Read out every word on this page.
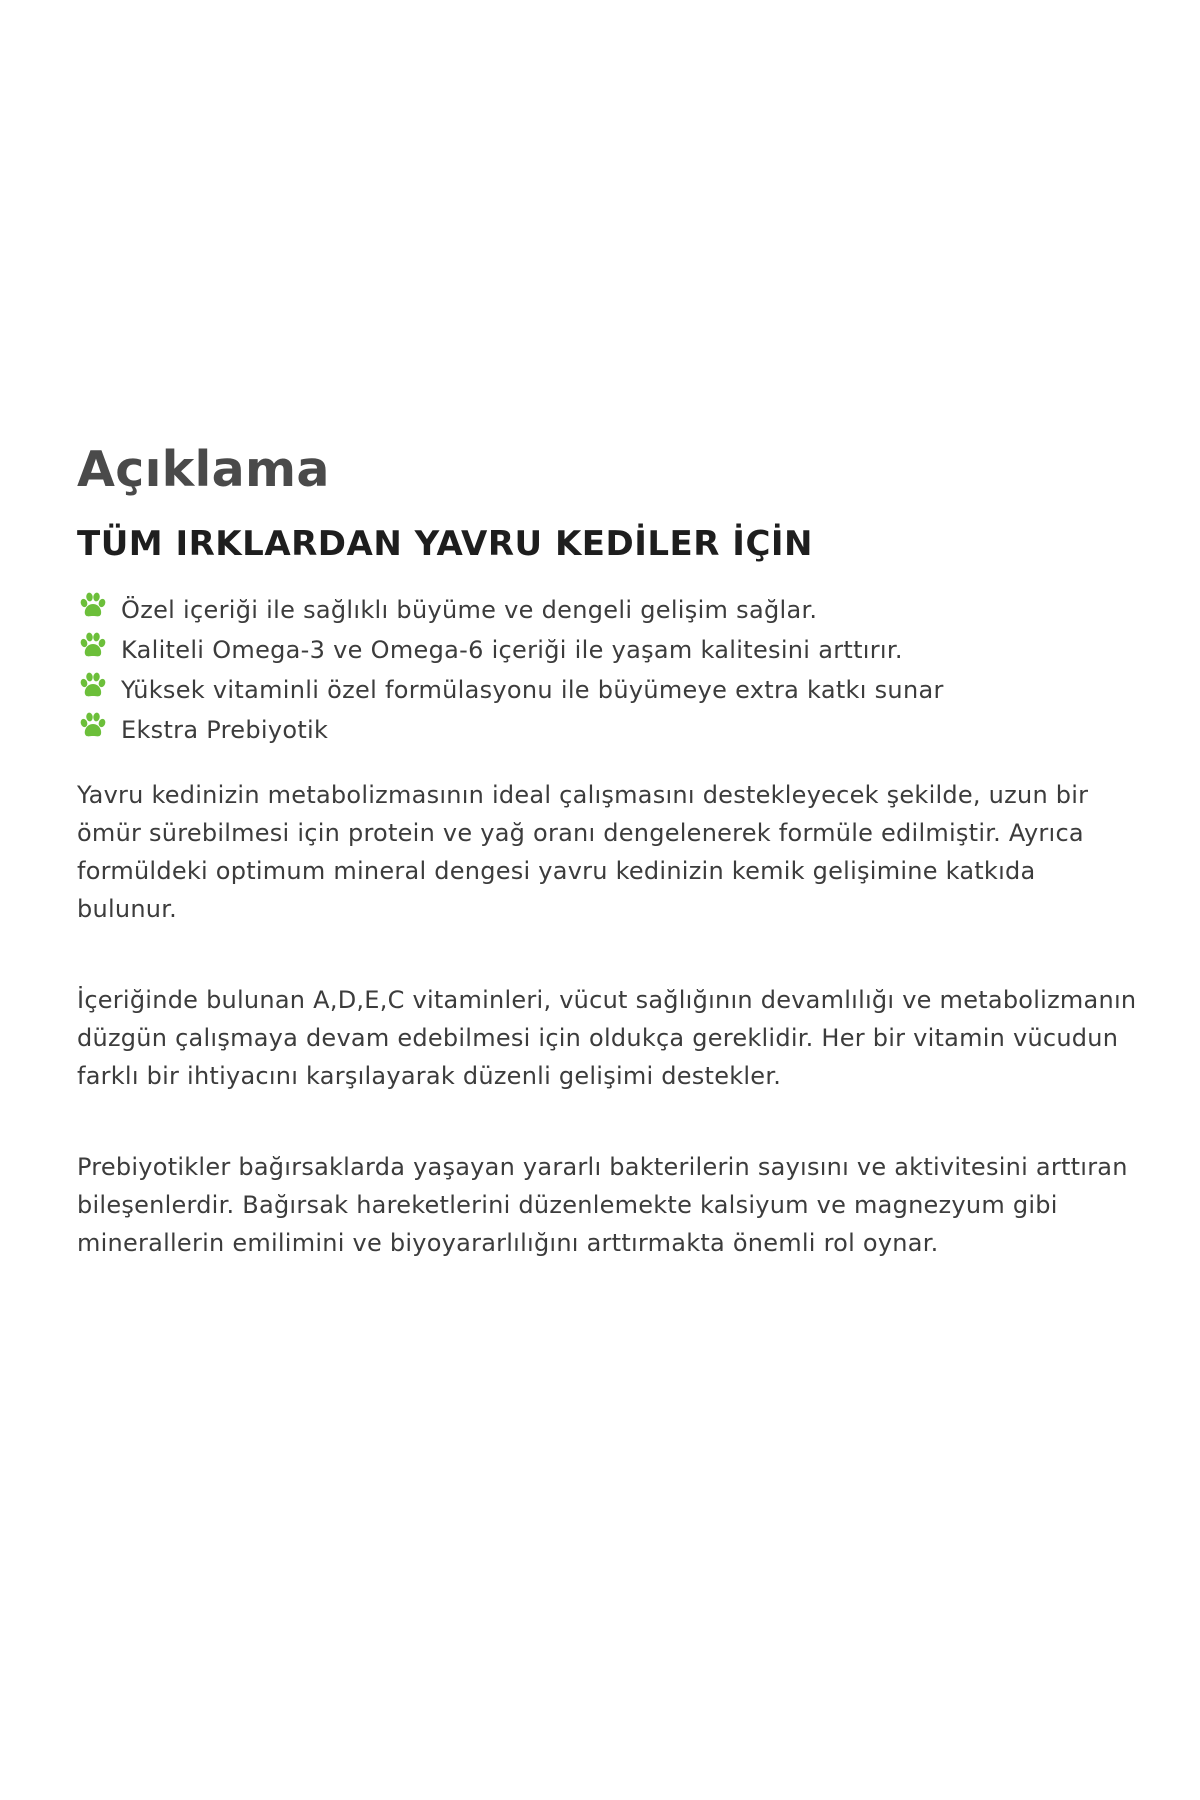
Açıklama
TÜM IRKLARDAN YAVRU KEDİLER İÇİN
Özel içeriği ile sağlıklı büyüme ve dengeli gelişim sağlar.
Kaliteli Omega-3 ve Omega-6 içeriği ile yaşam kalitesini arttırır.
Yüksek vitaminli özel formülasyonu ile büyümeye extra katkı sunar
Ekstra Prebiyotik

Yavru kedinizin metabolizmasının ideal çalışmasını destekleyecek şekilde, uzun bir ömür sürebilmesi için protein ve yağ oranı dengelenerek formüle edilmiştir. Ayrıca formüldeki optimum mineral dengesi yavru kedinizin kemik gelişimine katkıda bulunur.

İçeriğinde bulunan A,D,E,C vitaminleri, vücut sağlığının devamlılığı ve metabolizmanın düzgün çalışmaya devam edebilmesi için oldukça gereklidir. Her bir vitamin vücudun farklı bir ihtiyacını karşılayarak düzenli gelişimi destekler.

Prebiyotikler bağırsaklarda yaşayan yararlı bakterilerin sayısını ve aktivitesini arttıran bileşenlerdir. Bağırsak hareketlerini düzenlemekte kalsiyum ve magnezyum gibi minerallerin emilimini ve biyoyararlılığını arttırmakta önemli rol oynar.
